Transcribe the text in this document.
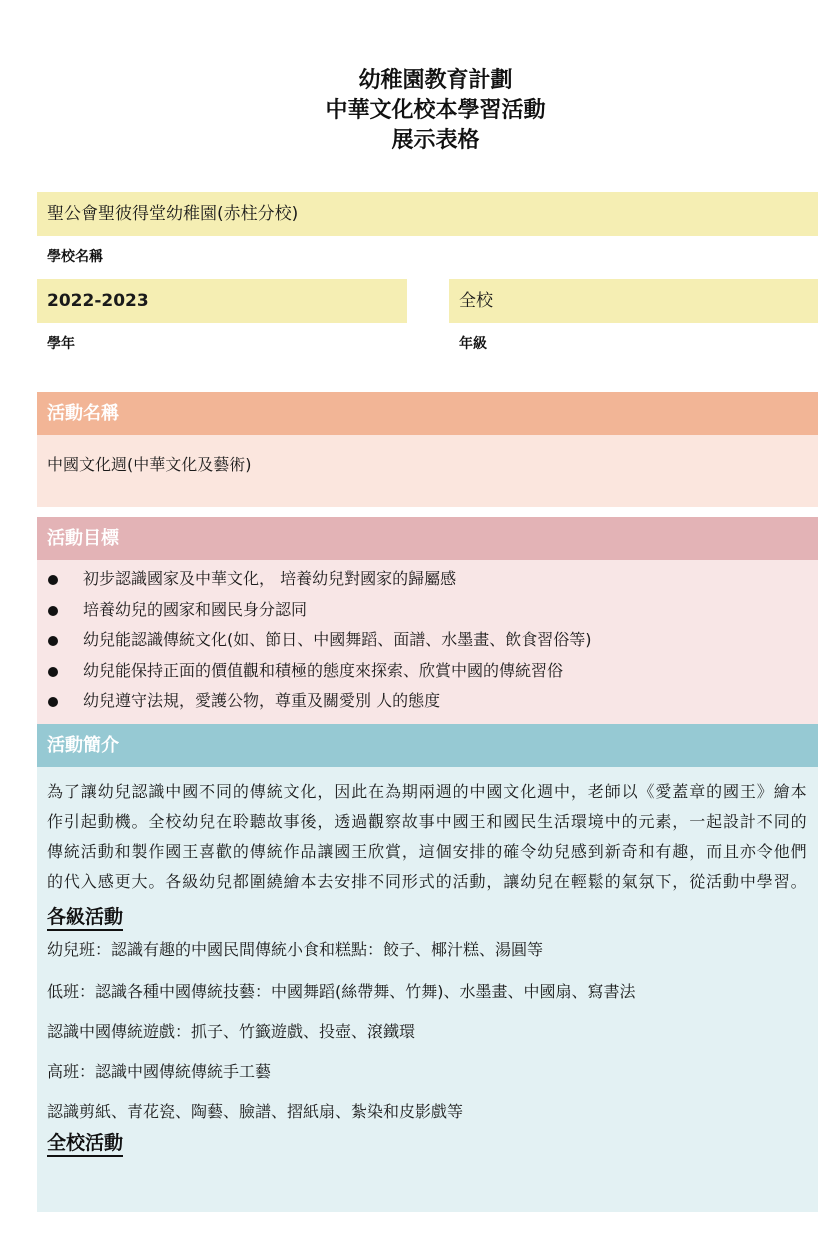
幼稚園教育計劃
中華文化校本學習活動
展示表格
聖公會聖彼得堂幼稚園(赤柱分校)
學校名稱
2022-2023
學年
全校
年級
活動名稱
中國文化週(中華文化及藝術)
活動目標
初步認識國家及中華文化， 培養幼兒對國家的歸屬感
培養幼兒的國家和國民身分認同
幼兒能認識傳統文化(如、節日、中國舞蹈、面譜、水墨畫、飲食習俗等)
幼兒能保持正面的價值觀和積極的態度來探索、欣賞中國的傳統習俗
幼兒遵守法規，愛護公物，尊重及關愛別 人的態度
活動簡介

為了讓幼兒認識中國不同的傳統文化，因此在為期兩週的中國文化週中，老師以《愛蓋章的國王》繪本作引起動機。全校幼兒在聆聽故事後，透過觀察故事中國王和國民生活環境中的元素，一起設計不同的傳統活動和製作國王喜歡的傳統作品讓國王欣賞，這個安排的確令幼兒感到新奇和有趣，而且亦令他們的代入感更大。各級幼兒都圍繞繪本去安排不同形式的活動，讓幼兒在輕鬆的氣氛下，從活動中學習。

各級活動

幼兒班：認識有趣的中國民間傳統小食和糕點：餃子、椰汁糕、湯圓等

低班：認識各種中國傳統技藝：中國舞蹈(絲帶舞、竹舞)、水墨畫、中國扇、寫書法

認識中國傳統遊戲：抓子、竹籤遊戲、投壺、滾鐵環

高班：認識中國傳統傳統手工藝

認識剪紙、青花瓷、陶藝、臉譜、摺紙扇、紮染和皮影戲等

全校活動
